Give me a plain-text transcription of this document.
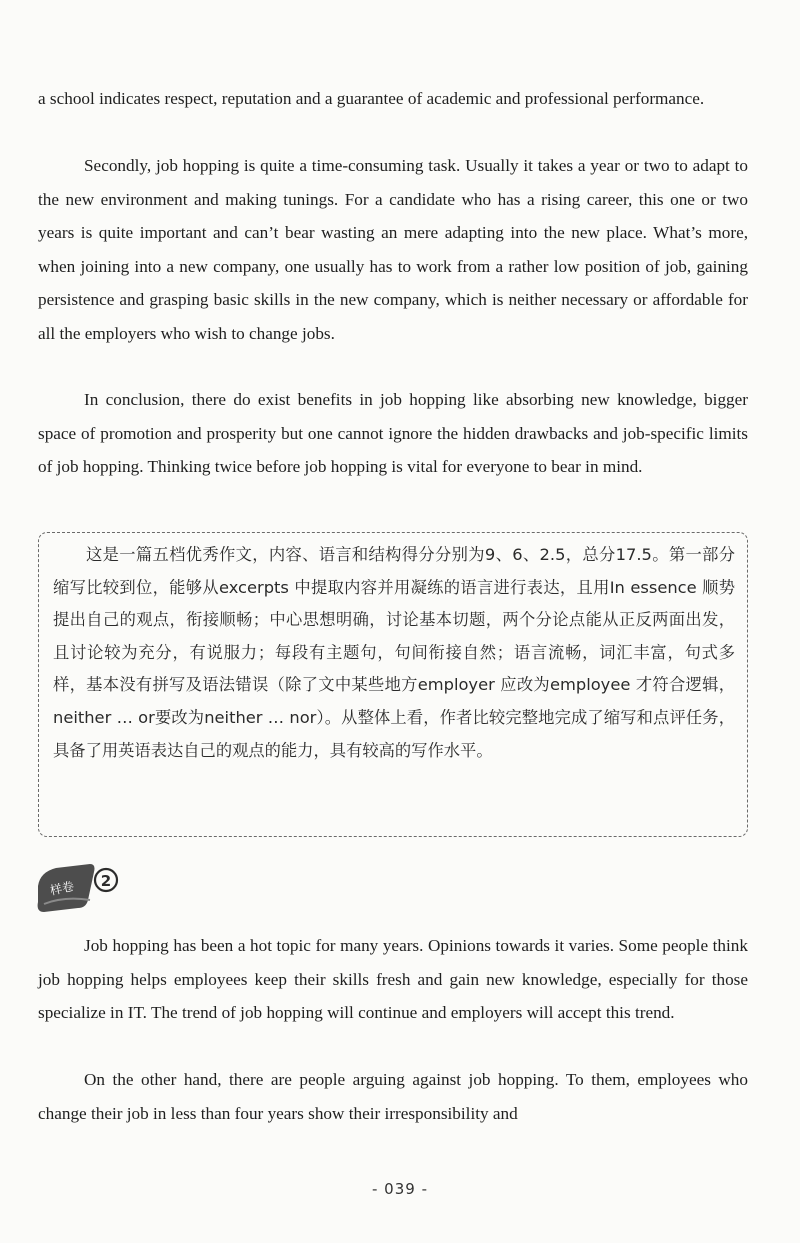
a school indicates respect, reputation and a guarantee of academic and professional performance.

Secondly, job hopping is quite a time-consuming task. Usually it takes a year or two to adapt to the new environment and making tunings. For a candidate who has a rising career, this one or two years is quite important and can’t bear wasting an mere adapting into the new place. What’s more, when joining into a new company, one usually has to work from a rather low position of job, gaining persistence and grasping basic skills in the new company, which is neither necessary or affordable for all the employers who wish to change jobs.

In conclusion, there do exist benefits in job hopping like absorbing new knowledge, bigger space of promotion and prosperity but one cannot ignore the hidden drawbacks and job-specific limits of job hopping. Thinking twice before job hopping is vital for everyone to bear in mind.

这是一篇五档优秀作文，内容、语言和结构得分分别为9、6、2.5，总分17.5。第一部分缩写比较到位，能够从excerpts 中提取内容并用凝练的语言进行表达，且用In essence 顺势提出自己的观点，衔接顺畅；中心思想明确，讨论基本切题，两个分论点能从正反两面出发，且讨论较为充分，有说服力；每段有主题句，句间衔接自然；语言流畅，词汇丰富，句式多样，基本没有拼写及语法错误（除了文中某些地方employer 应改为employee 才符合逻辑，neither … or要改为neither … nor）。从整体上看，作者比较完整地完成了缩写和点评任务，具备了用英语表达自己的观点的能力，具有较高的写作水平。

样卷 2

Job hopping has been a hot topic for many years. Opinions towards it varies. Some people think job hopping helps employees keep their skills fresh and gain new knowledge, especially for those specialize in IT. The trend of job hopping will continue and employers will accept this trend.

On the other hand, there are people arguing against job hopping. To them, employees who change their job in less than four years show their irresponsibility and

- 039 -
